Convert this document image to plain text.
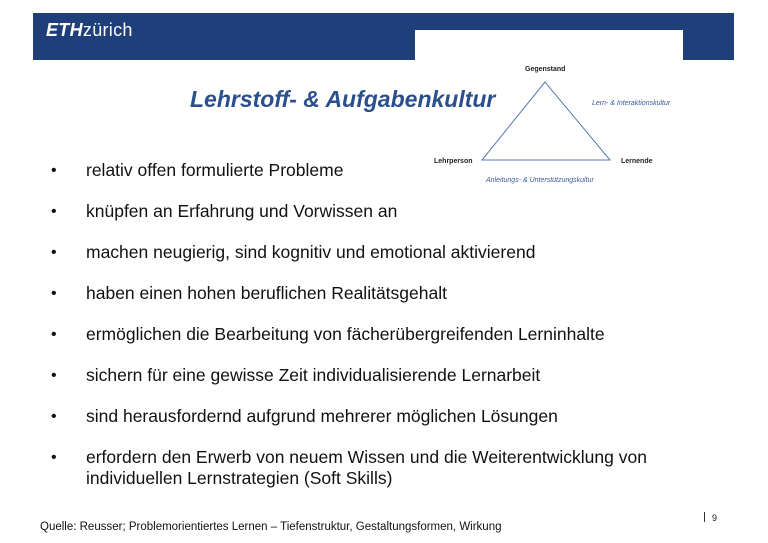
ETHzürich
Lehrstoff- & Aufgabenkultur
Gegenstand
Lehrperson	Lernende
Lern- & Interaktionskultur
Anleitungs- & Unterstützungskultur
• relativ offen formulierte Probleme
• knüpfen an Erfahrung und Vorwissen an
• machen neugierig, sind kognitiv und emotional aktivierend
• haben einen hohen beruflichen Realitätsgehalt
• ermöglichen die Bearbeitung von fächerübergreifenden Lerninhalte
• sichern für eine gewisse Zeit individualisierende Lernarbeit
• sind herausfordernd aufgrund mehrerer möglichen Lösungen
• erfordern den Erwerb von neuem Wissen und die Weiterentwicklung von individuellen Lernstrategien (Soft Skills)
Quelle: Reusser; Problemorientiertes Lernen – Tiefenstruktur, Gestaltungsformen, Wirkung
9
